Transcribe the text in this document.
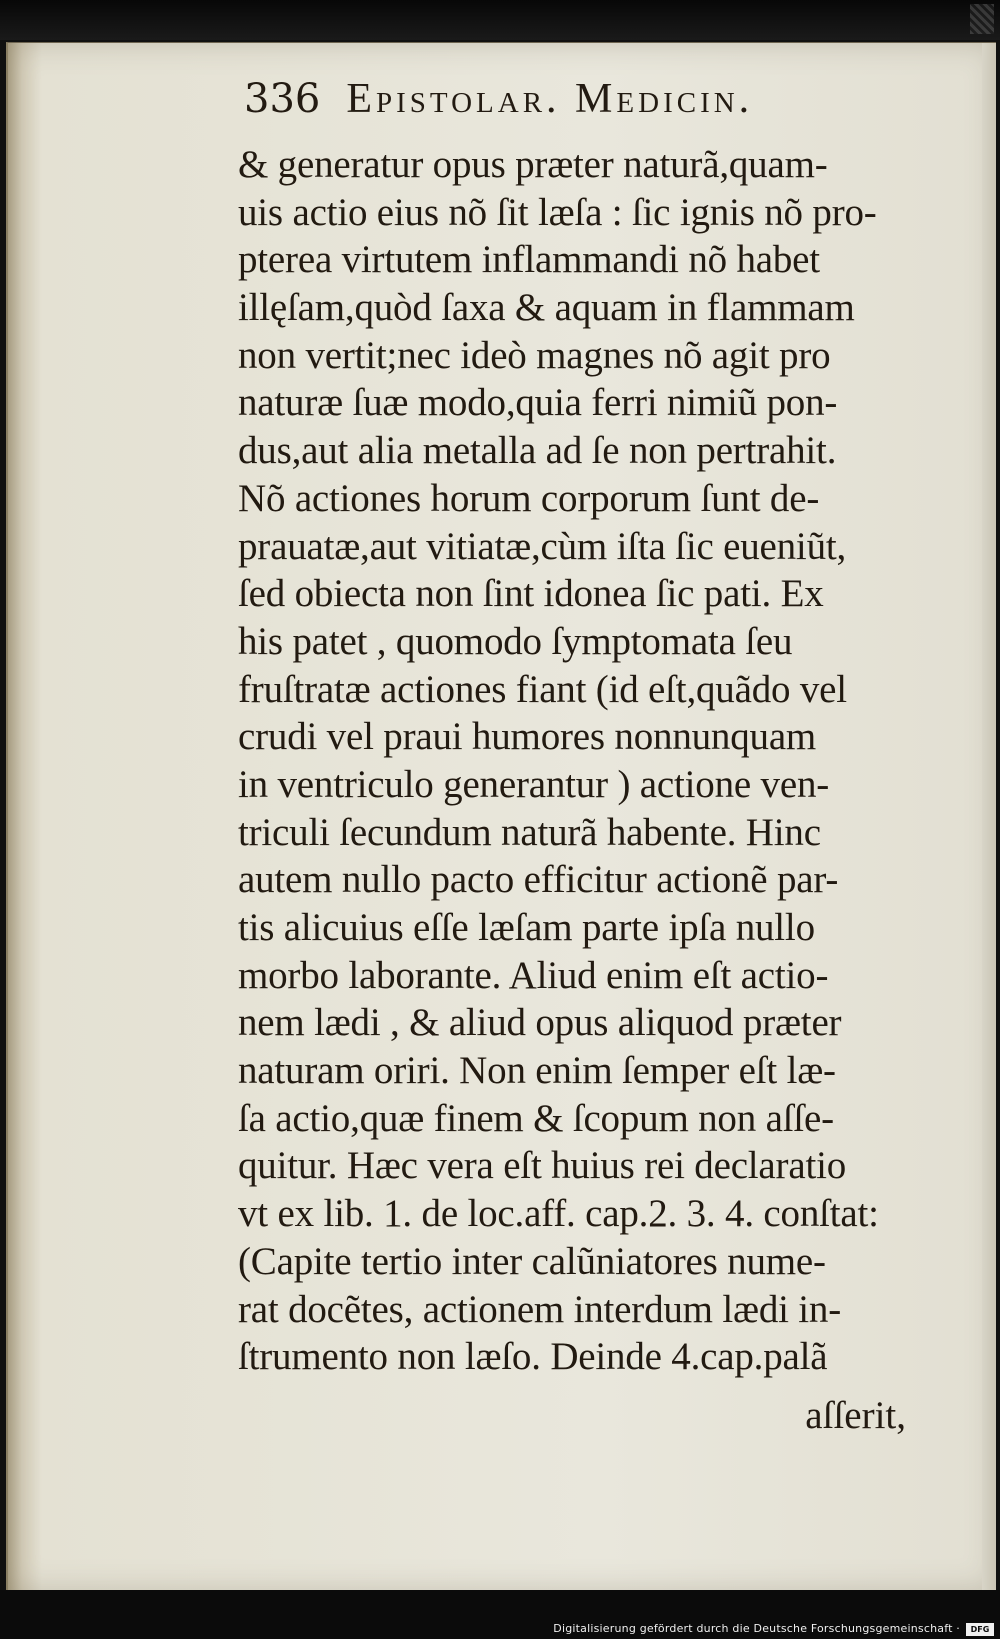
336 Epistolar. Medicin.
& generatur opus præter naturã,quam-
uis actio eius nõ ſit læſa : ſic ignis nõ pro-
pterea virtutem inflammandi nõ habet
illęſam,quòd ſaxa & aquam in flammam
non vertit;nec ideò magnes nõ agit pro
naturæ ſuæ modo,quia ferri nimiũ pon-
dus,aut alia metalla ad ſe non pertrahit.
Nõ actiones horum corporum ſunt de-
prauatæ,aut vitiatæ,cùm iſta ſic eueniũt,
ſed obiecta non ſint idonea ſic pati. Ex
his patet , quomodo ſymptomata ſeu
fruſtratæ actiones fiant (id eſt,quãdo vel
crudi vel praui humores nonnunquam
in ventriculo generantur ) actione ven-
triculi ſecundum naturã habente. Hinc
autem nullo pacto efficitur actionẽ par-
tis alicuius eſſe læſam parte ipſa nullo
morbo laborante. Aliud enim eſt actio-
nem lædi , & aliud opus aliquod præter
naturam oriri. Non enim ſemper eſt læ-
ſa actio,quæ finem & ſcopum non aſſe-
quitur. Hæc vera eſt huius rei declaratio
vt ex lib. 1. de loc.aff. cap.2. 3. 4. conſtat:
(Capite tertio inter calũniatores nume-
rat docẽtes, actionem interdum lædi in-
ſtrumento non læſo. Deinde 4.cap.palã
aſſerit,
Digitalisierung gefördert durch die Deutsche Forschungsgemeinschaft ·	DFG
